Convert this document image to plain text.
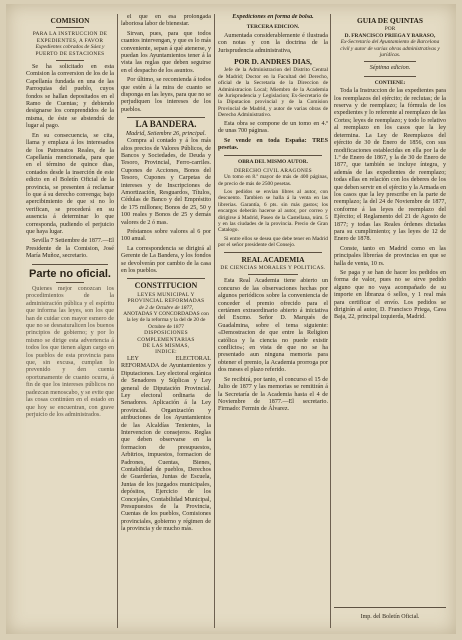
COMISION
PARA LA INSTRUCCION DE EXPEDIENTES, A FAVOR
Expedientes cobrados de Sáez y
PUERTO DE ESTACIONES

Se ha solicitado en esta Comision la conversion de los de la Capellanía fundada en una de las Parroquias del pueblo, cuyos fondos se hallan depositados en el Ramo de Cuentas; y debiendo designarse los comprendidos de la misma, de éste se abstendrá de lugar al pago.

En su consecuencia, se cita, llama y emplaza á los interesados de los Patronatos Reales, de la Capellanía mencionada, para que en el término de quince dias, contados desde la inserción de este edicto en el Boletín Oficial de la provincia, se presenten á reclamar lo que á su derecho convenga; bajo apercibimiento de que si no lo verifican, se procederá en su ausencia á determinar lo que corresponda, pudiendo el perjuicio que haya lugar.

Sevilla 7 Setiembre de 1877.—El Presidente de la Comision, José María Muñoz, secretario.

Parte no oficial.

Quienes mejor conozcan los procedimientos de la administración pública y el espíritu que informa las leyes, son los que han de cuidar con mayor esmero de que no se desnaturalicen los buenos principios de gobierno; y por lo mismo se dirige esta advertencia á todos los que tienen algun cargo en los pueblos de esta provincia para que, sin excusa, cumplan lo prevenido y den cuenta oportunamente de cuanto ocurra, á fin de que los intereses públicos no padezcan menoscabo, y se evite que las cosas continúen en el estado en que hoy se encuentran, con grave perjuicio de los administrados.

el que en esa prolongada laboriosa labor de bienestar.

Sirvan, pues, para que todos cuantos intervengan, y que es lo más conveniente, sepan á qué atenerse, y puedan los Ayuntamientos tener á la vista las reglas que deben seguirse en el despacho de los asuntos.

Por último, se recomienda á todos que estén á la mira de cuanto se disponga en las leyes, para que no se perjudiquen los intereses de los pueblos.

LA BANDERA.
Madrid, Setiembre 26, principal.

Compra al contado y á los más altos precios de Valores Públicos, de Bancos y Sociedades, de Deuda y Tesoro, Provincial, Ferro-carriles. Cupones de Acciones, Bonos del Tesoro, Cupones y Carpetas de intereses y de Inscripciones de Amortización, Resguardos, Títulos, Cédulas de Banco y del Empréstito de 175 millones; Bonos de 25, 50 y 100 reales y Bonos de 25 y demás valores de 2 ó mas.

Préstamos sobre valores al 6 por 100 anual.

La correspondencia se dirigirá al Gerente de La Bandera, y los fondos se devolverán por cambio de la casa en los pueblos.

CONSTITUCION
LEYES MUNICIPAL Y PROVINCIAL REFORMADAS
de 2 de Octubre de 1877,
ANOTADAS Y CONCORDADAS con la ley de la reforma y la del de 20 de Octubre de 1877
DISPOSICIONES COMPLEMENTARIAS
DE LAS MISMAS,
INDICE:

LEY ELECTORAL REFORMADA de Ayuntamientos y Diputaciones. Ley electoral orgánica de Senadores y Súplicas y Ley general de Diputación Provincial. Ley electoral ordinaria de Senadores. Aplicación á la Ley provincial. Organización y atribuciones de los Ayuntamientos de las Alcaldías Tenientes, la Intervencion de consejeros. Reglas que deben observarse en la formacion de presupuestos, Arbitrios, impuestos, formacion de Padrones, Cuentas, Bienes, Contabilidad de pueblos, Derechos de Guarderías, Juntas de Escuela, Juntas de los juzgados municipales, depósitos, Ejercicio de los Concejales, Contabilidad Municipal, Presupuestos de la Provincia, Cuentas de los pueblos, Comisiones provinciales, gobierno y régimen de la provincia y de mucho más.

Expediciones en forma de bolsa.
TERCERA EDICION.

Aumentada considerablemente é ilustrada con notas y con la doctrina de la Jurisprudencia administrativa,

POR D. ANDRES DIAS,

Jefe de la Administracion del Distrito Central de Madrid; Doctor en la Facultad del Derecho, oficial de la Secretaria de la Direccion de Administracion Local; Miembro de la Academia de Jurisprudencia y Legislacion; Ex-Secretario de la Diputacion provincial y de la Comision Provincial de Madrid, y autor de varias obras de Derecho Administrativo.

Esta obra se compone de un tomo en 4.º de unas 700 páginas.

Se vende en toda España: TRES pesetas.

OBRA DEL MISMO AUTOR.
DERECHO CIVIL ARAGONES

Un tomo en 8.º mayor de más de 400 páginas, de precio de más de 2500 pesetas.

Los pedidos se envían libres al autor, con descuento. Tambien se halla á la venta en las librerias. Garantía, 6 pts. sin más gastos; los encargos deberán hacerse al autor, por correo y dirigirse á Madrid, Paseo de la Castellana, núm. 5 y en las ciudades de la provincia. Precio de Gran Catalogo.

Si entre ellos se desea que debe tener en Madrid por el señor presidente del Consejo.

REAL ACADEMIA
DE CIENCIAS MORALES Y POLITICAS.

Esta Real Academia tiene abierto un concurso de las observaciones hechas por algunos periódicos sobre la conveniencia de conceder el premio ofrecido para el certámen extraordinario abierto á iniciativa del Excmo. Señor D. Marqués de Guadalmina, sobre el tema siguiente: «Demostracion de que entre la Religion católica y la ciencia no puede existir conflicto»; en vista de que no se ha presentado aun ninguna memoria para obtener el premio, la Academia prorroga por dos meses el plazo referido.

Se recibirá, por tanto, el concurso el 15 de Julio de 1877 y las memorias se remitirán á la Secretaría de la Academia hasta el 4 de Noviembre de 1877.—El secretario. Firmado: Fermin de Álvarez.

GUIA DE QUINTAS
POR
D. FRANCISCO PRIEGA Y BARASO,
Ex-Secretario del Ayuntamiento de Barcelona
civil y autor de varias obras administrativas y jurídicas.
Séptima edicion.
CONTIENE:

Toda la Instruccion de las expedientes para los reemplazos del ejército; de reclutas; de la reserva y de reemplazo; la fórmula de los expedientes y lo referente al reemplazo de las Cortes; leyes de reemplazo; y todo lo relativo al reemplazo en los casos que la ley determina. La Ley de Reemplazos del ejército de 30 de Enero de 1856, con sus modificaciones establecidas en ella por la de 1.º de Enero de 1867, y la de 30 de Enero de 1877, que también se incluye íntegra, y además de las expedientes de reemplazo; todas ellas en relación con los deberes de los que deben servir en el ejército y la Armada en los casos que la ley prescribe en la parte de reemplazo; la del 24 de Noviembre de 1877, conforme á las leyes de reemplazo del Ejército; el Reglamento del 21 de Agosto de 1877; y todas las Reales órdenes dictadas para su cumplimiento; y las leyes de 12 de Enero de 1878.

Conste, tanto en Madrid como en las principales librerías de provincias en que se halla de venta, 10 rs.

Se paga y se han de hacer los pedidos en forma de valor, pues no se sirve pedido alguno que no vaya acompañado de su importe en libranza ó sellos, y 1 real más para certificar el envío. Los pedidos se dirigirán al autor, D. Francisco Priega, Cava Baja, 22, principal izquierda, Madrid.

Imp. del Boletín Oficial.
